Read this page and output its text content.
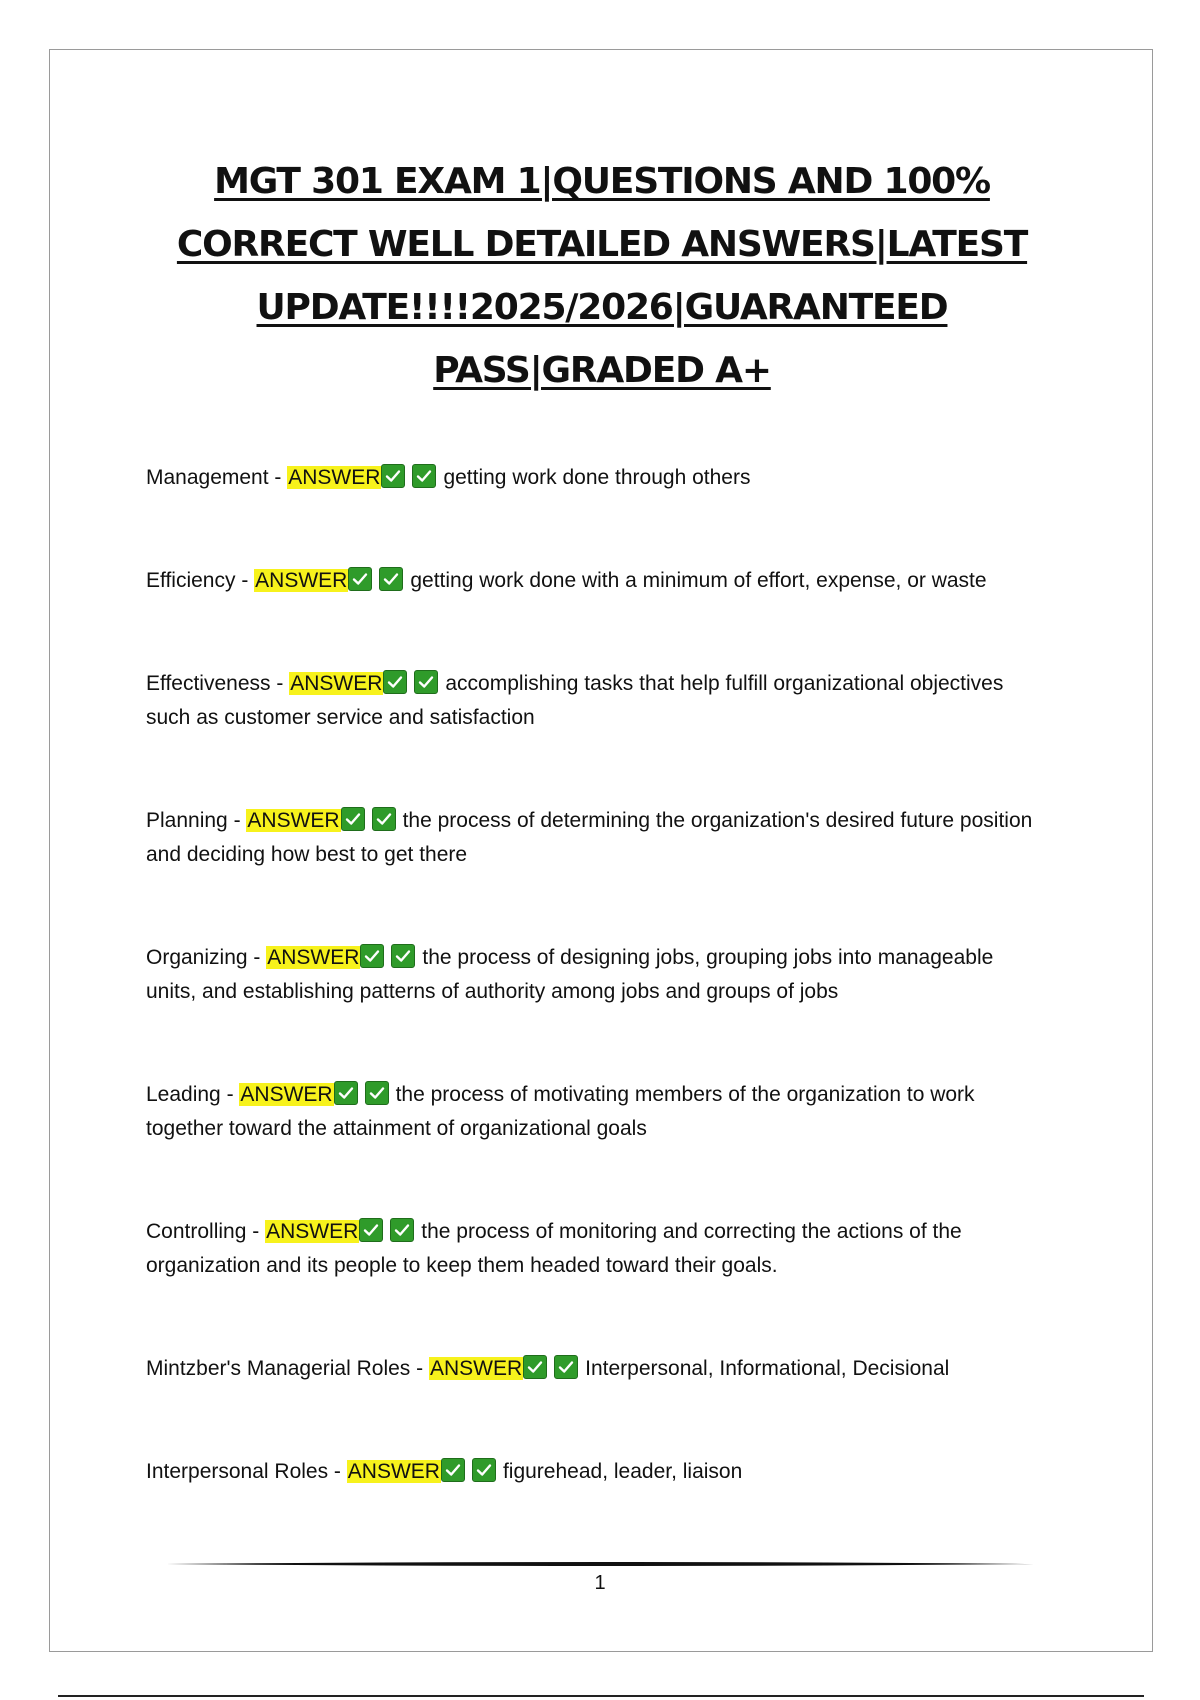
MGT 301 EXAM 1|QUESTIONS AND 100% CORRECT WELL DETAILED ANSWERS|LATEST UPDATE!!!!2025/2026|GUARANTEED PASS|GRADED A+

Management - ANSWER	getting work done through others

Efficiency - ANSWER	getting work done with a minimum of effort, expense, or waste

Effectiveness - ANSWER	accomplishing tasks that help fulfill organizational objectives such as customer service and satisfaction

Planning - ANSWER	the process of determining the organization's desired future position and deciding how best to get there

Organizing - ANSWER	the process of designing jobs, grouping jobs into manageable units, and establishing patterns of authority among jobs and groups of jobs

Leading - ANSWER	the process of motivating members of the organization to work together toward the attainment of organizational goals

Controlling - ANSWER	the process of monitoring and correcting the actions of the organization and its people to keep them headed toward their goals.

Mintzber's Managerial Roles - ANSWER	Interpersonal, Informational, Decisional

Interpersonal Roles - ANSWER	figurehead, leader, liaison

1
